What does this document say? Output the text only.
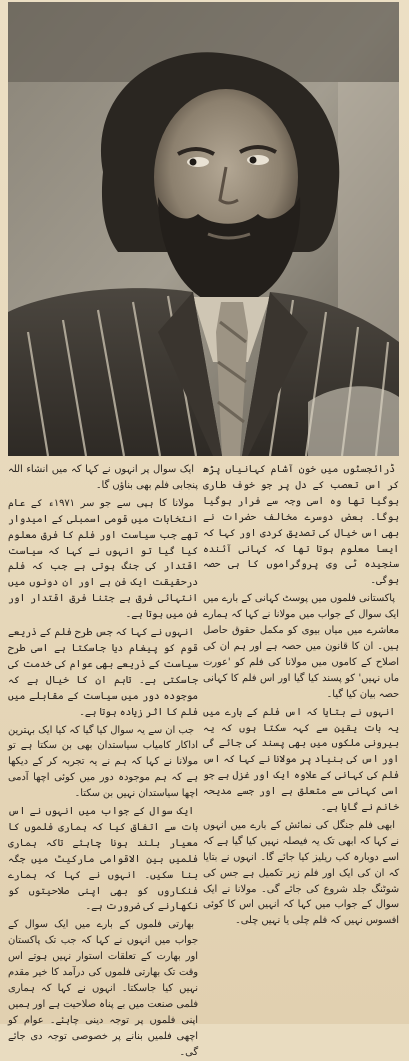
ڈرائجسٹوں میں خون آشام کہانیاں پڑھ کر اس تعصب کے دل پر جو خوف طاری ہوگیا تھا وہ اسی وجہ سے فرار ہوگیا ہوگا۔ بعض دوسرے مخالف حضرات نے بھی اس خیال کی تصدیق کردی اور کہا کہ ایسا معلوم ہوتا تھا کہ کہانی آئندہ سنجیدہ ٹی وی پروگراموں کا ہی حصہ ہوگی۔

پاکستانی فلموں میں پوسٹ کہانی کے بارے میں ایک سوال کے جواب میں مولانا نے کہا کہ ہمارے معاشرے میں میاں بیوی کو مکمل حقوق حاصل ہیں۔ ان کا قانون میں حصہ ہے اور ہم ان کی اصلاح کے کاموں میں مولانا کی فلم کو 'عورت ماں نہیں' کو پسند کیا گیا اور اس فلم کا کہانی حصہ بیان کیا گیا۔

انہوں نے بتایا کہ اس فلم کے بارے میں یہ بات یقین سے کہہ سکتا ہوں کہ یہ بیرونی ملکوں میں بھی پسند کی جائے گی اور اس کی بنیاد پر مولانا نے کہا کہ اس فلم کی کہانی کے علاوہ ایک اور غزل ہے جو اسی کہانی سے متعلق ہے اور جسے مدیحہ خانم نے گایا ہے۔

ابھی فلم جنگل کی نمائش کے بارے میں انہوں نے کہا کہ ابھی تک یہ فیصلہ نہیں کیا گیا ہے کہ اسے دوبارہ کب ریلیز کیا جائے گا۔ انہوں نے بتایا کہ ان کی ایک اور فلم زیر تکمیل ہے جس کی شوٹنگ جلد شروع کی جائے گی۔ مولانا نے ایک سوال کے جواب میں کہا کہ انہیں اس کا کوئی افسوس نہیں کہ فلم چلی یا نہیں چلی۔

ایک سوال پر انہوں نے کہا کہ میں انشاء اللہ پنجابی فلم بھی بناؤں گا۔

مولانا کا ہپی سے جو سر ۱۹۷۱ء کے عام انتخابات میں قومی اسمبلی کے امیدوار تھے جب سیاست اور فلم کا فرق معلوم کیا گیا تو انہوں نے کہا کہ سیاست اقتدار کی جنگ ہوتی ہے جب کہ فلم درحقیقت ایک فن ہے اور ان دونوں میں انتہائی فرق ہے جتنا فرق اقتدار اور فن میں ہوتا ہے۔

انہوں نے کہا کہ جس طرح فلم کے ذریعے قوم کو پیغام دیا جاسکتا ہے اسی طرح سیاست کے ذریعے بھی عوام کی خدمت کی جاسکتی ہے۔ تاہم ان کا خیال ہے کہ موجودہ دور میں سیاست کے مقابلے میں فلم کا اثر زیادہ ہوتا ہے۔

جب ان سے یہ سوال کیا گیا کہ کیا ایک بہترین اداکار کامیاب سیاستدان بھی بن سکتا ہے تو مولانا نے کہا کہ ہم نے یہ تجربہ کر کے دیکھا ہے کہ ہم موجودہ دور میں کوئی اچھا آدمی اچھا سیاستدان نہیں بن سکتا۔

ایک سوال کے جواب میں انہوں نے اس بات سے اتفاق کیا کہ ہماری فلموں کا معیار بلند ہونا چاہئے تاکہ ہماری فلمیں بین الاقوامی مارکیٹ میں جگہ بنا سکیں۔ انہوں نے کہا کہ ہمارے فنکاروں کو بھی اپنی صلاحیتوں کو نکھارنے کی ضرورت ہے۔

بھارتی فلموں کے بارے میں ایک سوال کے جواب میں انہوں نے کہا کہ جب تک پاکستان اور بھارت کے تعلقات استوار نہیں ہوتے اس وقت تک بھارتی فلموں کی درآمد کا خیر مقدم نہیں کیا جاسکتا۔ انہوں نے کہا کہ ہماری فلمی صنعت میں بے پناہ صلاحیت ہے اور ہمیں اپنی فلموں پر توجہ دینی چاہئے۔ عوام کو اچھی فلمیں بنانے پر خصوصی توجہ دی جائے گی۔
